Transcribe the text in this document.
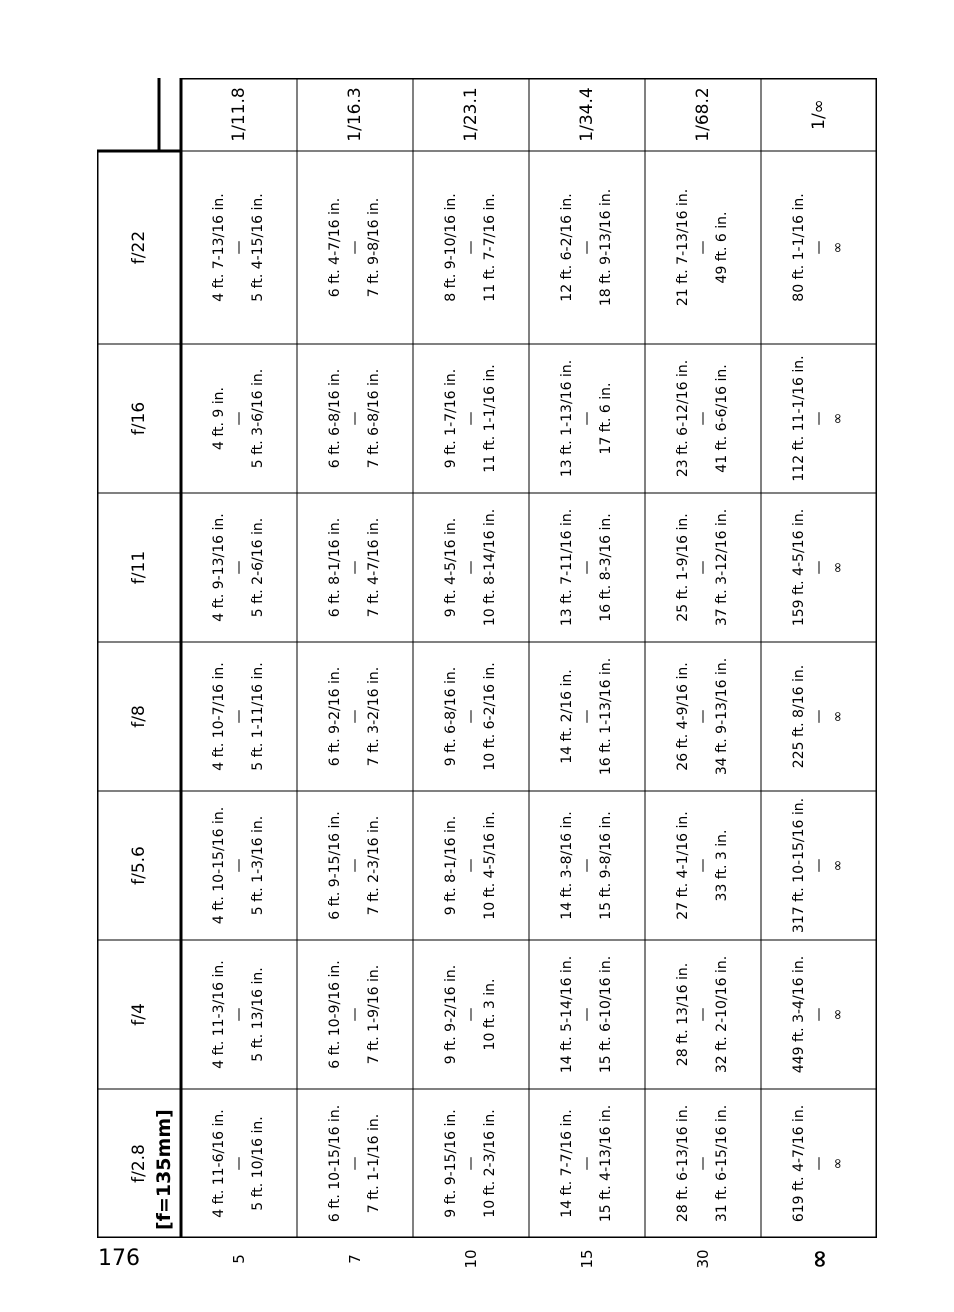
176
[f=135mm]
f/2.8
f/4
f/5.6
f/8
f/11
f/16
f/22
5
4 ft. 11-6/16 in. — 5 ft. 10/16 in.
4 ft. 11-3/16 in. — 5 ft. 13/16 in.
4 ft. 10-15/16 in. — 5 ft. 1-3/16 in.
4 ft. 10-7/16 in. — 5 ft. 1-11/16 in.
4 ft. 9-13/16 in. — 5 ft. 2-6/16 in.
4 ft. 9 in. — 5 ft. 3-6/16 in.
4 ft. 7-13/16 in. — 5 ft. 4-15/16 in.
1/11.8
7
6 ft. 10-15/16 in. — 7 ft. 1-1/16 in.
6 ft. 10-9/16 in. — 7 ft. 1-9/16 in.
6 ft. 9-15/16 in. — 7 ft. 2-3/16 in.
6 ft. 9-2/16 in. — 7 ft. 3-2/16 in.
6 ft. 8-1/16 in. — 7 ft. 4-7/16 in.
6 ft. 6-8/16 in. — 7 ft. 6-8/16 in.
6 ft. 4-7/16 in. — 7 ft. 9-8/16 in.
1/16.3
10
9 ft. 9-15/16 in. — 10 ft. 2-3/16 in.
9 ft. 9-2/16 in. — 10 ft. 3 in.
9 ft. 8-1/16 in. — 10 ft. 4-5/16 in.
9 ft. 6-8/16 in. — 10 ft. 6-2/16 in.
9 ft. 4-5/16 in. — 10 ft. 8-14/16 in.
9 ft. 1-7/16 in. — 11 ft. 1-1/16 in.
8 ft. 9-10/16 in. — 11 ft. 7-7/16 in.
1/23.1
15
14 ft. 7-7/16 in. — 15 ft. 4-13/16 in.
14 ft. 5-14/16 in. — 15 ft. 6-10/16 in.
14 ft. 3-8/16 in. — 15 ft. 9-8/16 in.
14 ft. 2/16 in. — 16 ft. 1-13/16 in.
13 ft. 7-11/16 in. — 16 ft. 8-3/16 in.
13 ft. 1-13/16 in. — 17 ft. 6 in.
12 ft. 6-2/16 in. — 18 ft. 9-13/16 in.
1/34.4
30
28 ft. 6-13/16 in. — 31 ft. 6-15/16 in.
28 ft. 13/16 in. — 32 ft. 2-10/16 in.
27 ft. 4-1/16 in. — 33 ft. 3 in.
26 ft. 4-9/16 in. — 34 ft. 9-13/16 in.
25 ft. 1-9/16 in. — 37 ft. 3-12/16 in.
23 ft. 6-12/16 in. — 41 ft. 6-6/16 in.
21 ft. 7-13/16 in. — 49 ft. 6 in.
1/68.2
∞
619 ft. 4-7/16 in. — ∞
449 ft. 3-4/16 in. — ∞
317 ft. 10-15/16 in. — ∞
225 ft. 8/16 in. — ∞
159 ft. 4-5/16 in. — ∞
112 ft. 11-1/16 in. — ∞
80 ft. 1-1/16 in. — ∞
1/∞
